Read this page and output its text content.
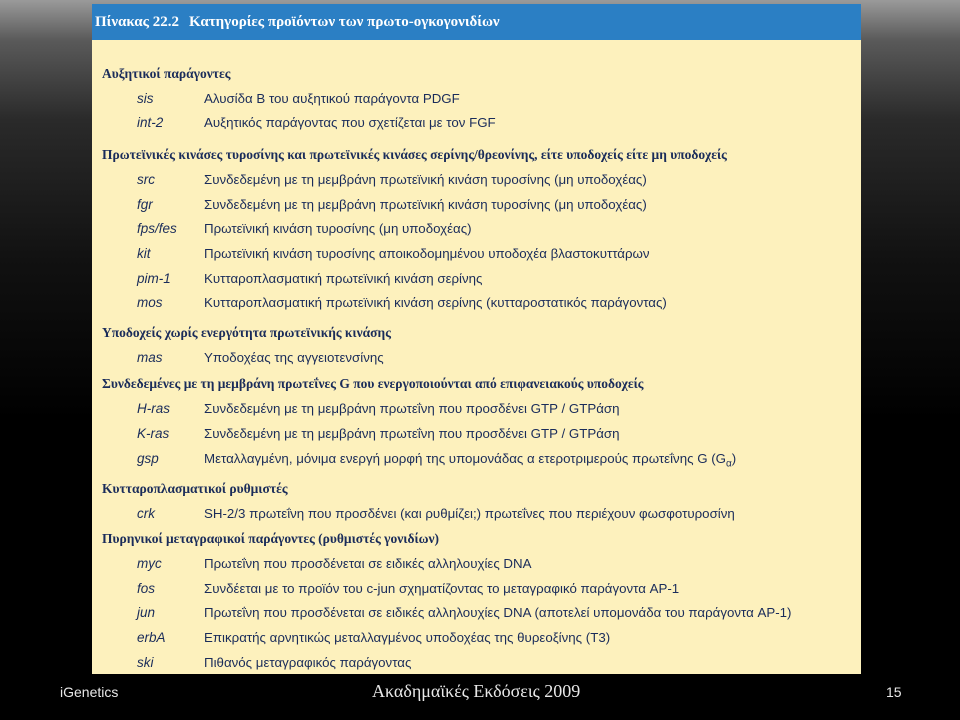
Πίνακας 22.2 Κατηγορίες προϊόντων των πρωτο-ογκογονιδίων
Αυξητικοί παράγοντες
sis	Αλυσίδα Β του αυξητικού παράγοντα PDGF
int-2	Αυξητικός παράγοντας που σχετίζεται με τον FGF
Πρωτεϊνικές κινάσες τυροσίνης και πρωτεϊνικές κινάσες σερίνης/θρεονίνης, είτε υποδοχείς είτε μη υποδοχείς
src	Συνδεδεμένη με τη μεμβράνη πρωτεϊνική κινάση τυροσίνης (μη υποδοχέας)
fgr	Συνδεδεμένη με τη μεμβράνη πρωτεϊνική κινάση τυροσίνης (μη υποδοχέας)
fps/fes Πρωτεϊνική κινάση τυροσίνης (μη υποδοχέας)
kit	Πρωτεϊνική κινάση τυροσίνης αποικοδομημένου υποδοχέα βλαστοκυττάρων
pim-1 Κυτταροπλασματική πρωτεϊνική κινάση σερίνης
mos	Κυτταροπλασματική πρωτεϊνική κινάση σερίνης (κυτταροστατικός παράγοντας)
Υποδοχείς χωρίς ενεργότητα πρωτεϊνικής κινάσης
mas	Υποδοχέας της αγγειοτενσίνης
Συνδεδεμένες με τη μεμβράνη πρωτεΐνες G που ενεργοποιούνται από επιφανειακούς υποδοχείς
H-ras	Συνδεδεμένη με τη μεμβράνη πρωτεΐνη που προσδένει GTP / GTPάση
K-ras	Συνδεδεμένη με τη μεμβράνη πρωτεΐνη που προσδένει GTP / GTPάση
gsp	Μεταλλαγμένη, μόνιμα ενεργή μορφή της υπομονάδας α ετεροτριμερούς πρωτεΐνης G $(G_\alpha)$
Κυτταροπλασματικοί ρυθμιστές
crk	SH-2/3 πρωτεΐνη που προσδένει (και ρυθμίζει;) πρωτεΐνες που περιέχουν φωσφοτυροσίνη
Πυρηνικοί μεταγραφικοί παράγοντες (ρυθμιστές γονιδίων)
myc	Πρωτεΐνη που προσδένεται σε ειδικές αλληλουχίες DNA
fos	Συνδέεται με το προϊόν του c-jun σχηματίζοντας το μεταγραφικό παράγοντα AP-1
jun	Πρωτεΐνη που προσδένεται σε ειδικές αλληλουχίες DNA (αποτελεί υπομονάδα του παράγοντα AP-1)
erbA	Επικρατής αρνητικώς μεταλλαγμένος υποδοχέας της θυρεοξίνης (Τ3)
ski	Πιθανός μεταγραφικός παράγοντας
iGenetics	Ακαδημαϊκές Εκδόσεις 2009	15
